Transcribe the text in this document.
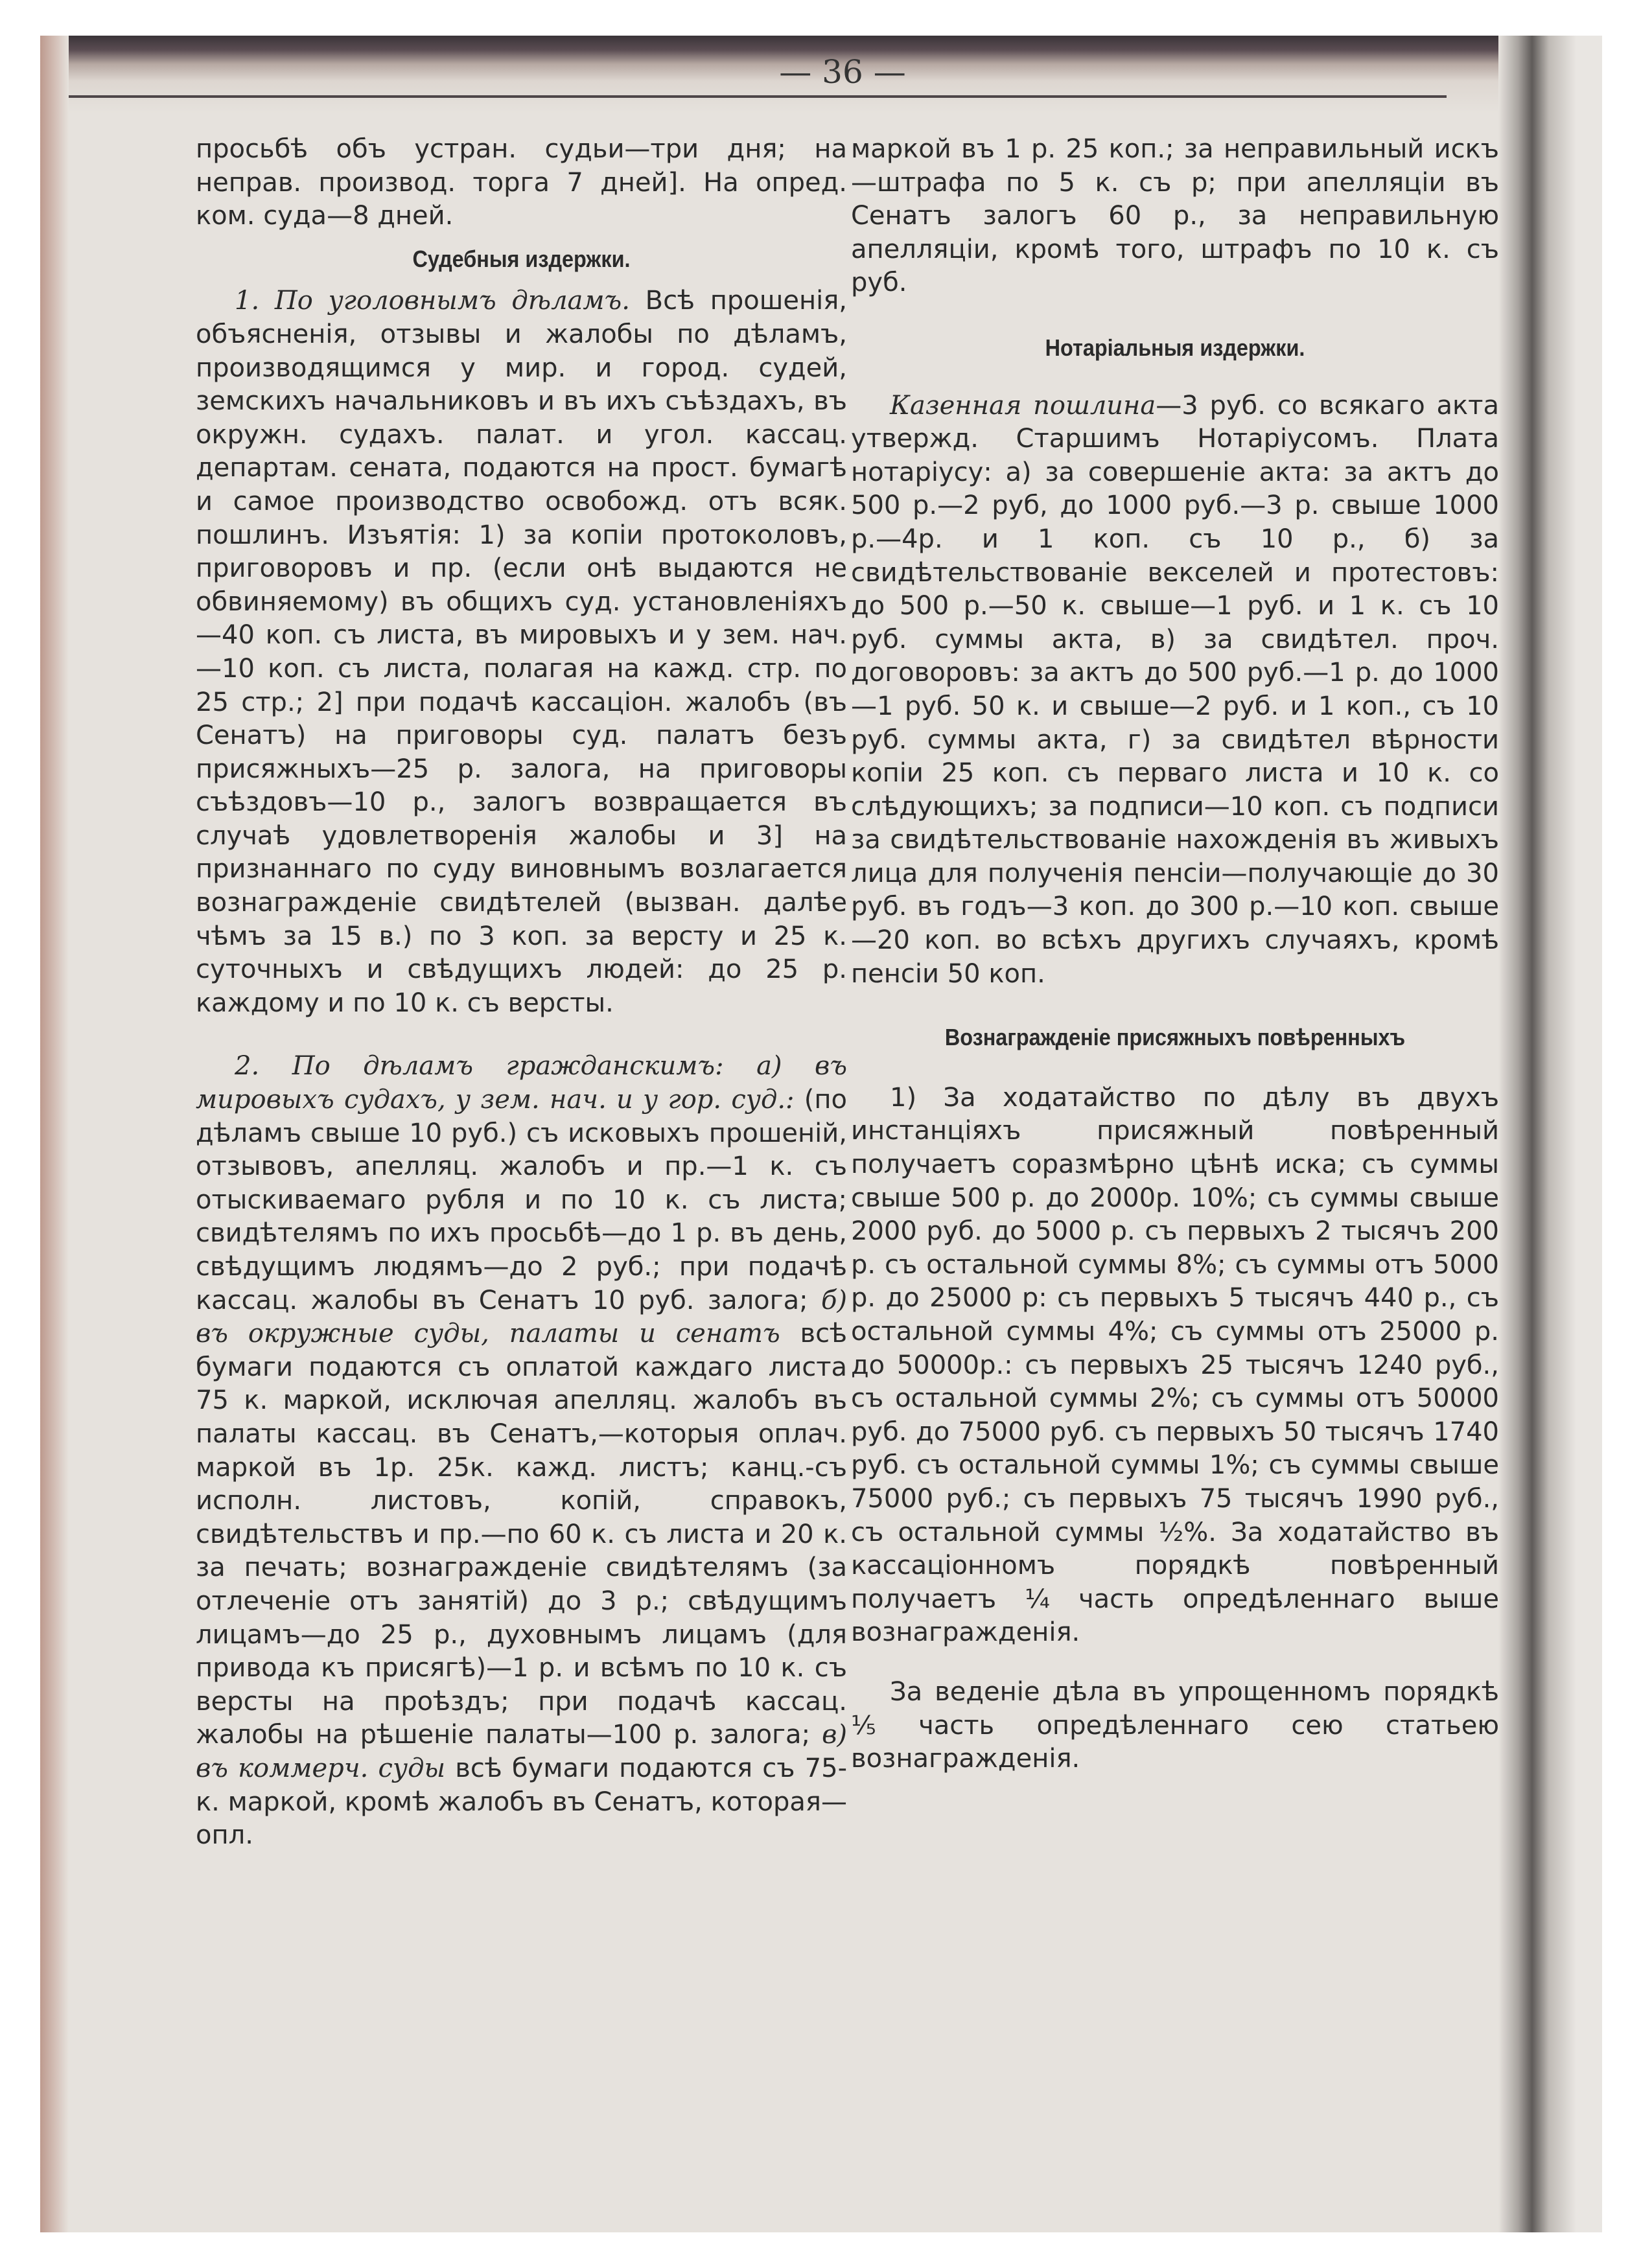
— 36 —

просьбѣ объ устран. судьи—три дня; на неправ. производ. торга 7 дней]. На опред. ком. суда—8 дней.

Судебныя издержки.

1. По уголовнымъ дѣламъ. Всѣ прошенія, объясненія, отзывы и жалобы по дѣламъ, производящимся у мир. и город. судей, земскихъ начальниковъ и въ ихъ съѣздахъ, въ окружн. судахъ. палат. и угол. кассац. департам. сената, подаются на прост. бумагѣ и самое производство освобожд. отъ всяк. пошлинъ. Изъятія: 1) за копіи протоколовъ, приговоровъ и пр. (если онѣ выдаются не обвиняемому) въ общихъ суд. установленіяхъ—40 коп. съ листа, въ мировыхъ и у зем. нач.—10 коп. съ листа, полагая на кажд. стр. по 25 стр.; 2] при подачѣ кассаціон. жалобъ (въ Сенатъ) на приговоры суд. палатъ безъ присяжныхъ—25 р. залога, на приговоры съѣздовъ—10 р., залогъ возвращается въ случаѣ удовлетворенія жалобы и 3] на признаннаго по суду виновнымъ возлагается вознагражденіе свидѣтелей (вызван. далѣе чѣмъ за 15 в.) по 3 коп. за версту и 25 к. суточныхъ и свѣдущихъ людей: до 25 р. каждому и по 10 к. съ версты.

2. По дѣламъ гражданскимъ: а) въ мировыхъ судахъ, у зем. нач. и у гор. суд.: (по дѣламъ свыше 10 руб.) съ исковыхъ прошеній, отзывовъ, апелляц. жалобъ и пр.—1 к. съ отыскиваемаго рубля и по 10 к. съ листа; свидѣтелямъ по ихъ просьбѣ—до 1 р. въ день, свѣдущимъ людямъ—до 2 руб.; при подачѣ кассац. жалобы въ Сенатъ 10 руб. залога; б) въ окружные суды, палаты и сенатъ всѣ бумаги подаются съ оплатой каждаго листа 75 к. маркой, исключая апелляц. жалобъ въ палаты кассац. въ Сенатъ,—которыя оплач. маркой въ 1р. 25к. кажд. листъ; канц.-съ исполн. листовъ, копій, справокъ, свидѣтельствъ и пр.—по 60 к. съ листа и 20 к. за печать; вознагражденіе свидѣтелямъ (за отлеченіе отъ занятій) до 3 р.; свѣдущимъ лицамъ—до 25 р., духовнымъ лицамъ (для привода къ присягѣ)—1 р. и всѣмъ по 10 к. съ версты на проѣздъ; при подачѣ кассац. жалобы на рѣшеніе палаты—100 р. залога; в) въ коммерч. суды всѣ бумаги подаются съ 75-к. маркой, кромѣ жалобъ въ Сенатъ, которая—опл.

маркой въ 1 р. 25 коп.; за неправильный искъ—штрафа по 5 к. съ р; при апелляціи въ Сенатъ залогъ 60 р., за неправильную апелляціи, кромѣ того, штрафъ по 10 к. съ руб.

Нотаріальныя издержки.

Казенная пошлина—3 руб. со всякаго акта утвержд. Старшимъ Нотаріусомъ. Плата нотаріусу: а) за совершеніе акта: за актъ до 500 р.—2 руб, до 1000 руб.—3 р. свыше 1000 р.—4р. и 1 коп. съ 10 р., б) за свидѣтельствованіе векселей и протестовъ: до 500 р.—50 к. свыше—1 руб. и 1 к. съ 10 руб. суммы акта, в) за свидѣтел. проч. договоровъ: за актъ до 500 руб.—1 р. до 1000—1 руб. 50 к. и свыше—2 руб. и 1 коп., съ 10 руб. суммы акта, г) за свидѣтел вѣрности копіи 25 коп. съ перваго листа и 10 к. со слѣдующихъ; за подписи—10 коп. съ подписи за свидѣтельствованіе нахожденія въ живыхъ лица для полученія пенсіи—получающіе до 30 руб. въ годъ—3 коп. до 300 р.—10 коп. свыше—20 коп. во всѣхъ другихъ случаяхъ, кромѣ пенсіи 50 коп.

Вознагражденіе присяжныхъ повѣренныхъ

1) За ходатайство по дѣлу въ двухъ инстанціяхъ присяжный повѣренный получаетъ соразмѣрно цѣнѣ иска; съ суммы свыше 500 р. до 2000р. 10%; съ суммы свыше 2000 руб. до 5000 р. съ первыхъ 2 тысячъ 200 р. съ остальной суммы 8%; съ суммы отъ 5000 р. до 25000 р: съ первыхъ 5 тысячъ 440 р., съ остальной суммы 4%; съ суммы отъ 25000 р. до 50000р.: съ первыхъ 25 тысячъ 1240 руб., съ остальной суммы 2%; съ суммы отъ 50000 руб. до 75000 руб. съ первыхъ 50 тысячъ 1740 руб. съ остальной суммы 1%; съ суммы свыше 75000 руб.; съ первыхъ 75 тысячъ 1990 руб., съ остальной суммы ½%. За ходатайство въ кассаціонномъ порядкѣ повѣренный получаетъ ¼ часть опредѣленнаго выше вознагражденія.

За веденіе дѣла въ упрощенномъ порядкѣ ⅕ часть опредѣленнаго сею статьею вознагражденія.
